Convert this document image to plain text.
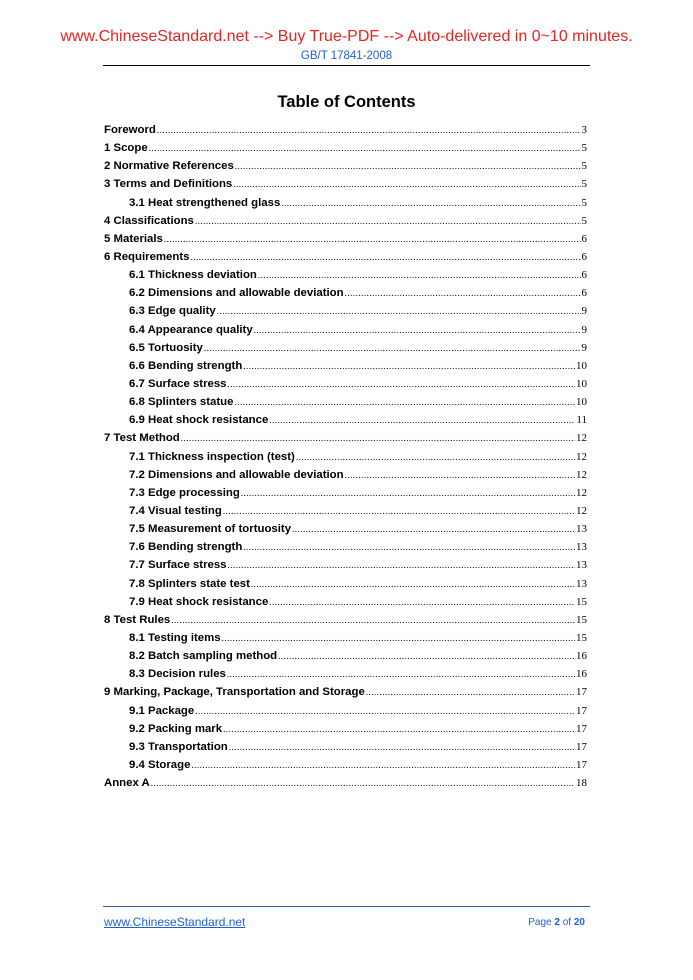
www.ChineseStandard.net --> Buy True-PDF --> Auto-delivered in 0~10 minutes.
GB/T 17841-2008
Table of Contents
Foreword .....	3
1 Scope .....	5
2 Normative References .....	5
3 Terms and Definitions .....	5
3.1 Heat strengthened glass .....	5
4 Classifications .....	5
5 Materials .....	6
6 Requirements .....	6
6.1 Thickness deviation .....	6
6.2 Dimensions and allowable deviation .....	6
6.3 Edge quality .....	9
6.4 Appearance quality .....	9
6.5 Tortuosity .....	9
6.6 Bending strength .....	10
6.7 Surface stress .....	10
6.8 Splinters statue .....	10
6.9 Heat shock resistance .....	11
7 Test Method .....	12
7.1 Thickness inspection (test) .....	12
7.2 Dimensions and allowable deviation .....	12
7.3 Edge processing .....	12
7.4 Visual testing .....	12
7.5 Measurement of tortuosity .....	13
7.6 Bending strength .....	13
7.7 Surface stress .....	13
7.8 Splinters state test .....	13
7.9 Heat shock resistance .....	15
8 Test Rules .....	15
8.1 Testing items .....	15
8.2 Batch sampling method .....	16
8.3 Decision rules .....	16
9 Marking, Package, Transportation and Storage .....	17
9.1 Package .....	17
9.2 Packing mark .....	17
9.3 Transportation .....	17
9.4 Storage .....	17
Annex A .....	18
www.ChineseStandard.net	Page 2 of 20
